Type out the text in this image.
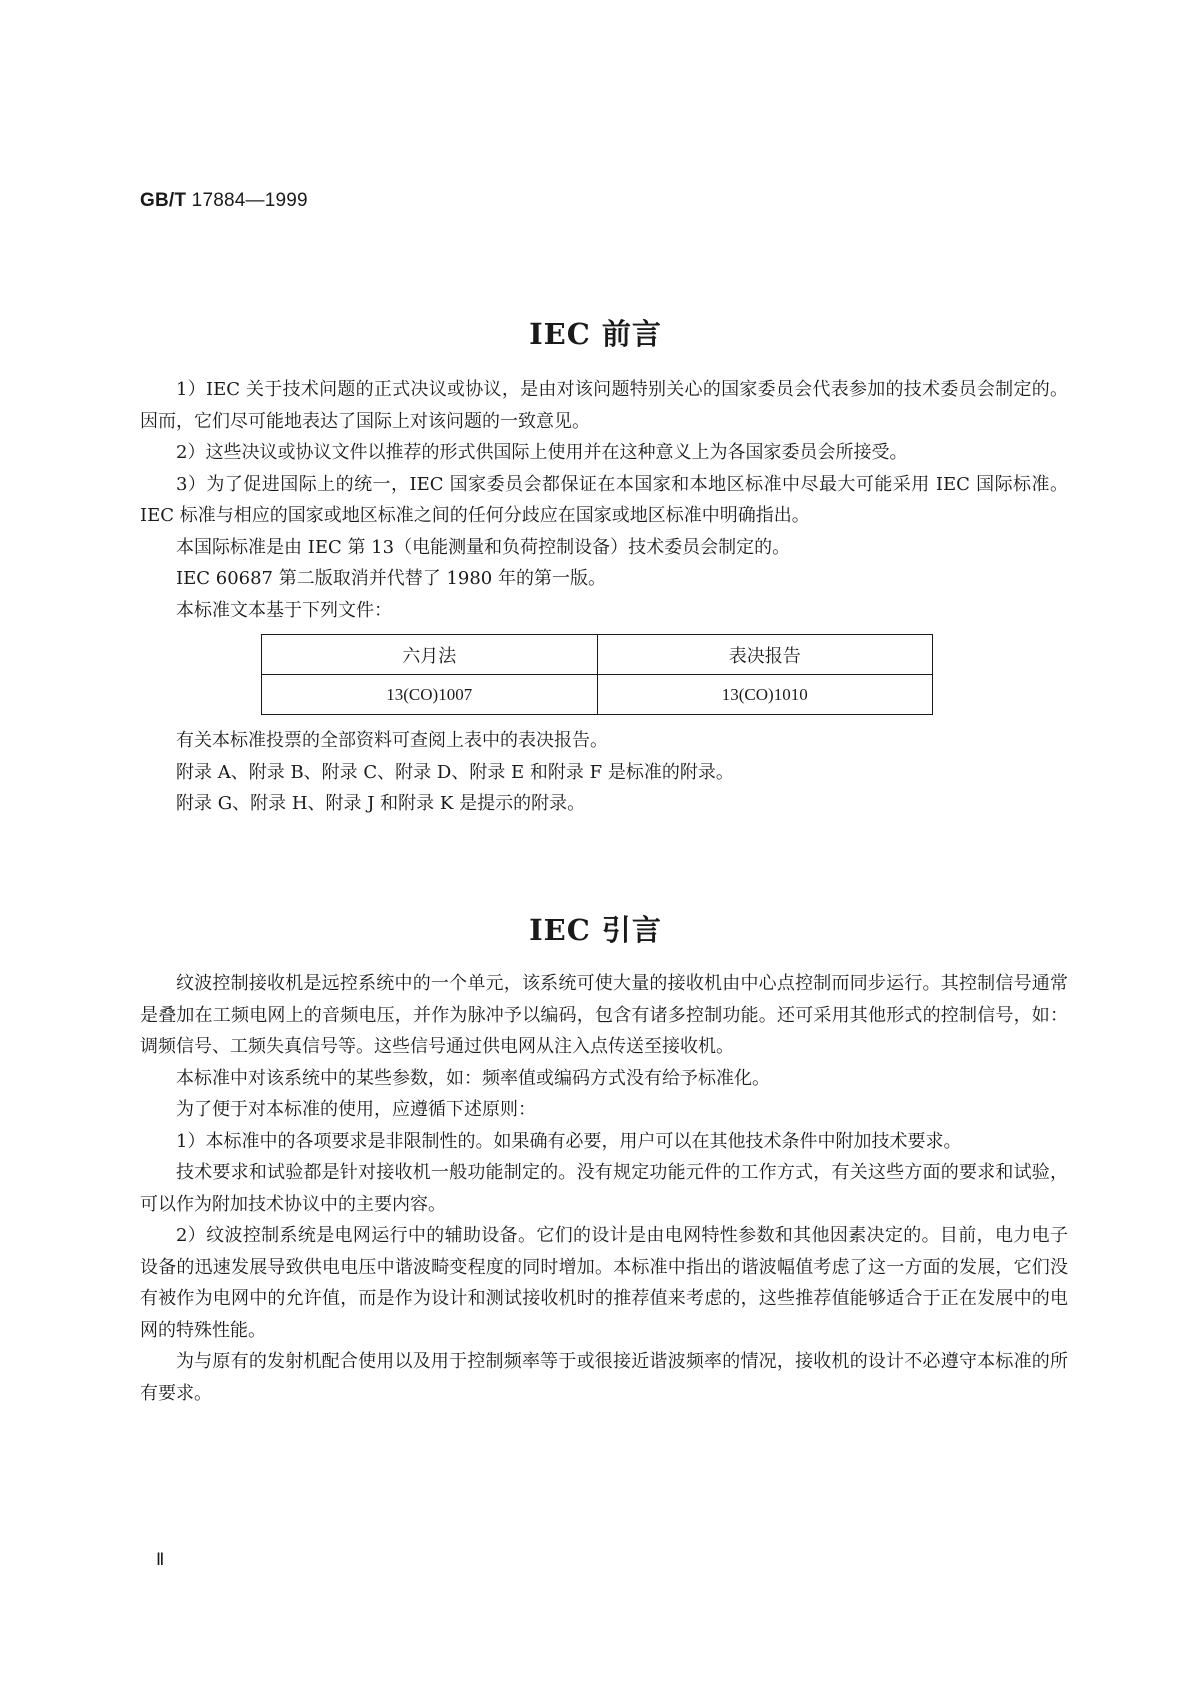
GB/T 17884—1999
IEC 前言

1）IEC 关于技术问题的正式决议或协议，是由对该问题特别关心的国家委员会代表参加的技术委员会制定的。因而，它们尽可能地表达了国际上对该问题的一致意见。

2）这些决议或协议文件以推荐的形式供国际上使用并在这种意义上为各国家委员会所接受。

3）为了促进国际上的统一，IEC 国家委员会都保证在本国家和本地区标准中尽最大可能采用 IEC 国际标准。IEC 标准与相应的国家或地区标准之间的任何分歧应在国家或地区标准中明确指出。

本国际标准是由 IEC 第 13（电能测量和负荷控制设备）技术委员会制定的。

IEC 60687 第二版取消并代替了 1980 年的第一版。

本标准文本基于下列文件：

六月法	表决报告
13(CO)1007	13(CO)1010

有关本标准投票的全部资料可查阅上表中的表决报告。

附录 A、附录 B、附录 C、附录 D、附录 E 和附录 F 是标准的附录。

附录 G、附录 H、附录 J 和附录 K 是提示的附录。

IEC 引言

纹波控制接收机是远控系统中的一个单元，该系统可使大量的接收机由中心点控制而同步运行。其控制信号通常是叠加在工频电网上的音频电压，并作为脉冲予以编码，包含有诸多控制功能。还可采用其他形式的控制信号，如：调频信号、工频失真信号等。这些信号通过供电网从注入点传送至接收机。

本标准中对该系统中的某些参数，如：频率值或编码方式没有给予标准化。

为了便于对本标准的使用，应遵循下述原则：

1）本标准中的各项要求是非限制性的。如果确有必要，用户可以在其他技术条件中附加技术要求。

技术要求和试验都是针对接收机一般功能制定的。没有规定功能元件的工作方式，有关这些方面的要求和试验，可以作为附加技术协议中的主要内容。

2）纹波控制系统是电网运行中的辅助设备。它们的设计是由电网特性参数和其他因素决定的。目前，电力电子设备的迅速发展导致供电电压中谐波畸变程度的同时增加。本标准中指出的谐波幅值考虑了这一方面的发展，它们没有被作为电网中的允许值，而是作为设计和测试接收机时的推荐值来考虑的，这些推荐值能够适合于正在发展中的电网的特殊性能。

为与原有的发射机配合使用以及用于控制频率等于或很接近谐波频率的情况，接收机的设计不必遵守本标准的所有要求。

Ⅱ
